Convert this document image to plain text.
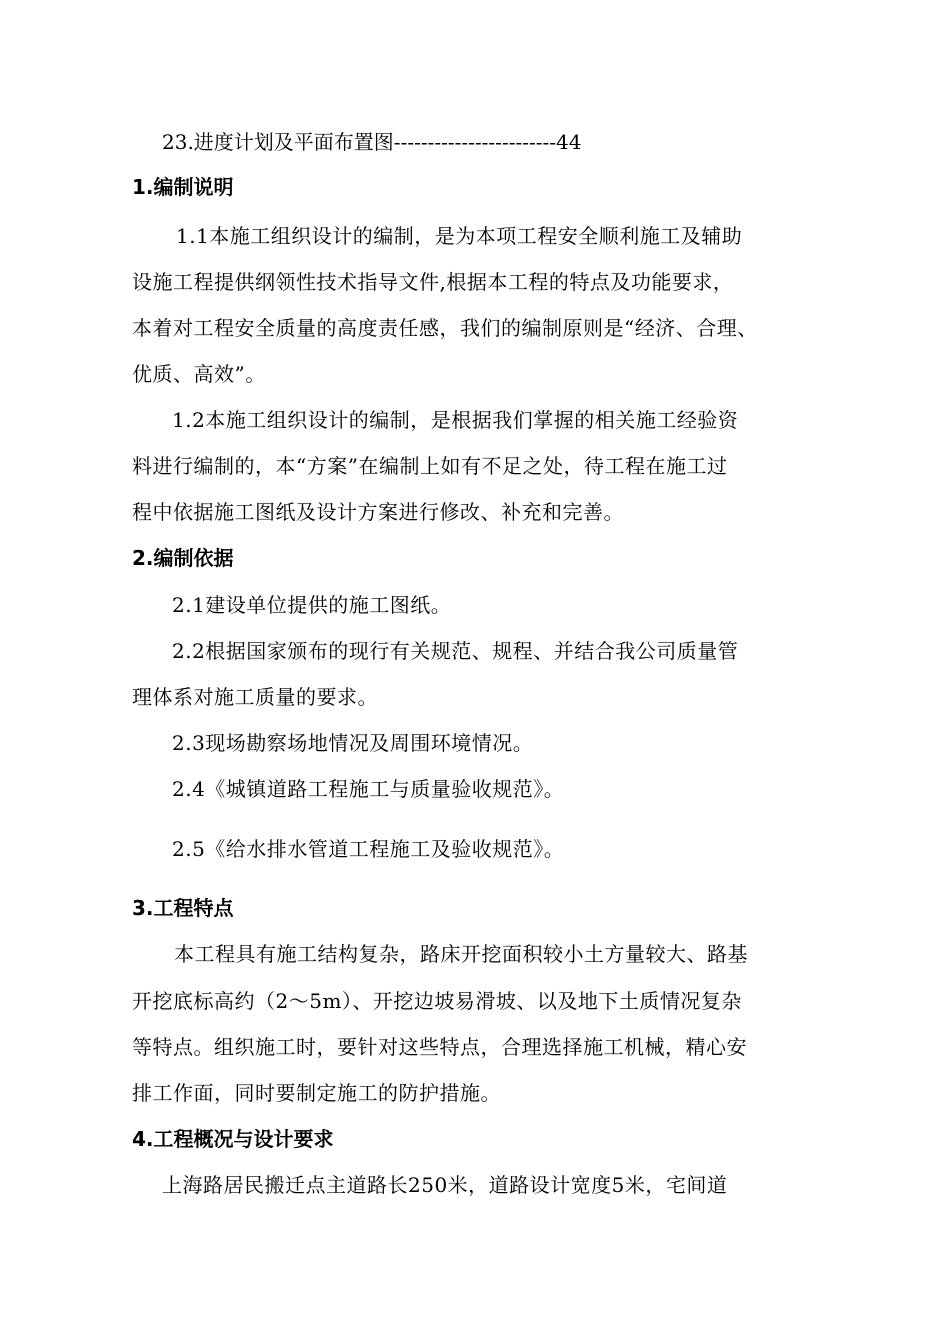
23.进度计划及平面布置图------------------------44
1.编制说明
1.1本施工组织设计的编制，是为本项工程安全顺利施工及辅助
设施工程提供纲领性技术指导文件,根据本工程的特点及功能要求，
本着对工程安全质量的高度责任感，我们的编制原则是“经济、合理、
优质、高效”。
1.2本施工组织设计的编制，是根据我们掌握的相关施工经验资
料进行编制的，本“方案”在编制上如有不足之处，待工程在施工过
程中依据施工图纸及设计方案进行修改、补充和完善。
2.编制依据
2.1建设单位提供的施工图纸。
2.2根据国家颁布的现行有关规范、规程、并结合我公司质量管
理体系对施工质量的要求。
2.3现场勘察场地情况及周围环境情况。
2.4《城镇道路工程施工与质量验收规范》。
2.5《给水排水管道工程施工及验收规范》。
3.工程特点
本工程具有施工结构复杂，路床开挖面积较小土方量较大、路基
开挖底标高约（2～5m）、开挖边坡易滑坡、以及地下土质情况复杂
等特点。组织施工时，要针对这些特点，合理选择施工机械，精心安
排工作面，同时要制定施工的防护措施。
4.工程概况与设计要求
上海路居民搬迁点主道路长250米，道路设计宽度5米，宅间道
